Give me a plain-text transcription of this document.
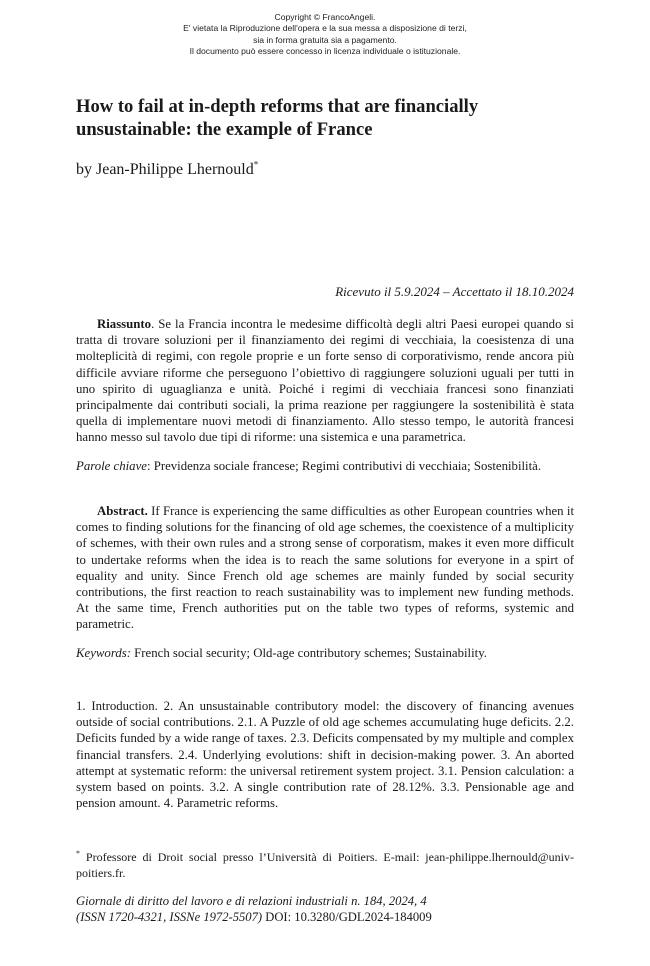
Copyright © FrancoAngeli.
E' vietata la Riproduzione dell'opera e la sua messa a disposizione di terzi,
sia in forma gratuita sia a pagamento.
Il documento può essere concesso in licenza individuale o istituzionale.
How to fail at in-depth reforms that are financially unsustainable: the example of France
by Jean-Philippe Lhernould*
Ricevuto il 5.9.2024 – Accettato il 18.10.2024

Riassunto. Se la Francia incontra le medesime difficoltà degli altri Paesi europei quando si tratta di trovare soluzioni per il finanziamento dei regimi di vecchiaia, la coesistenza di una molteplicità di regimi, con regole proprie e un forte senso di corporativismo, rende ancora più difficile avviare riforme che perseguono l’obiettivo di raggiungere soluzioni uguali per tutti in uno spirito di uguaglianza e unità. Poiché i regimi di vecchiaia francesi sono finanziati principalmente dai contributi sociali, la prima reazione per raggiungere la sostenibilità è stata quella di implementare nuovi metodi di finanziamento. Allo stesso tempo, le autorità francesi hanno messo sul tavolo due tipi di riforme: una sistemica e una parametrica.

Parole chiave: Previdenza sociale francese; Regimi contributivi di vecchiaia; Sostenibilità.

Abstract. If France is experiencing the same difficulties as other European countries when it comes to finding solutions for the financing of old age schemes, the coexistence of a multiplicity of schemes, with their own rules and a strong sense of corporatism, makes it even more difficult to undertake reforms when the idea is to reach the same solutions for everyone in a spirt of equality and unity. Since French old age schemes are mainly funded by social security contributions, the first reaction to reach sustainability was to implement new funding methods. At the same time, French authorities put on the table two types of reforms, systemic and parametric.

Keywords: French social security; Old-age contributory schemes; Sustainability.

1. Introduction. 2. An unsustainable contributory model: the discovery of financing avenues outside of social contributions. 2.1. A Puzzle of old age schemes accumulating huge deficits. 2.2. Deficits funded by a wide range of taxes. 2.3. Deficits compensated by my multiple and complex financial transfers. 2.4. Underlying evolutions: shift in decision-making power. 3. An aborted attempt at systematic reform: the universal retirement system project. 3.1. Pension calculation: a system based on points. 3.2. A single contribution rate of 28.12%. 3.3. Pensionable age and pension amount. 4. Parametric reforms.

* Professore di Droit social presso l’Università di Poitiers. E-mail: jean-philippe.lhernould@univ-poitiers.fr.

Giornale di diritto del lavoro e di relazioni industriali n. 184, 2024, 4
(ISSN 1720-4321, ISSNe 1972-5507) DOI: 10.3280/GDL2024-184009
